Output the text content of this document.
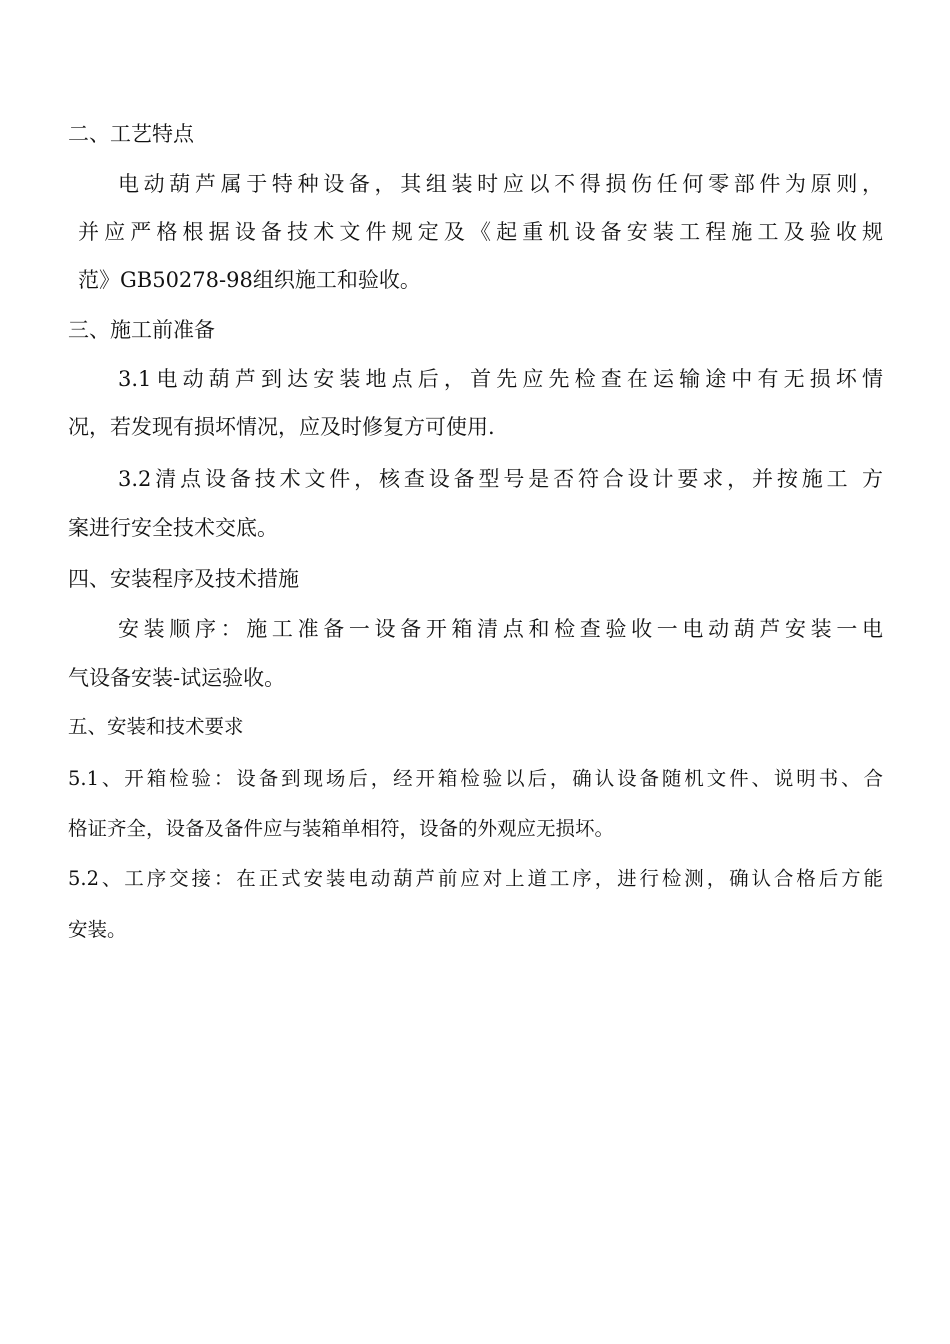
二、工艺特点
电动葫芦属于特种设备，其组装时应以不得损伤任何零部件为原则，
并应严格根据设备技术文件规定及《起重机设备安装工程施工及验收规
范》GB50278-98组织施工和验收。
三、施工前准备
3.1电动葫芦到达安装地点后，首先应先检查在运输途中有无损坏情
况，若发现有损坏情况，应及时修复方可使用.
3.2清点设备技术文件，核查设备型号是否符合设计要求，并按施工 方
案进行安全技术交底。
四、安装程序及技术措施
安装顺序：施工准备一设备开箱清点和检查验收一电动葫芦安装一电
气设备安装-试运验收。
五、安装和技术要求
5.1、开箱检验：设备到现场后，经开箱检验以后，确认设备随机文件、说明书、合
格证齐全，设备及备件应与装箱单相符，设备的外观应无损坏。
5.2、工序交接：在正式安装电动葫芦前应对上道工序，进行检测，确认合格后方能
安装。
